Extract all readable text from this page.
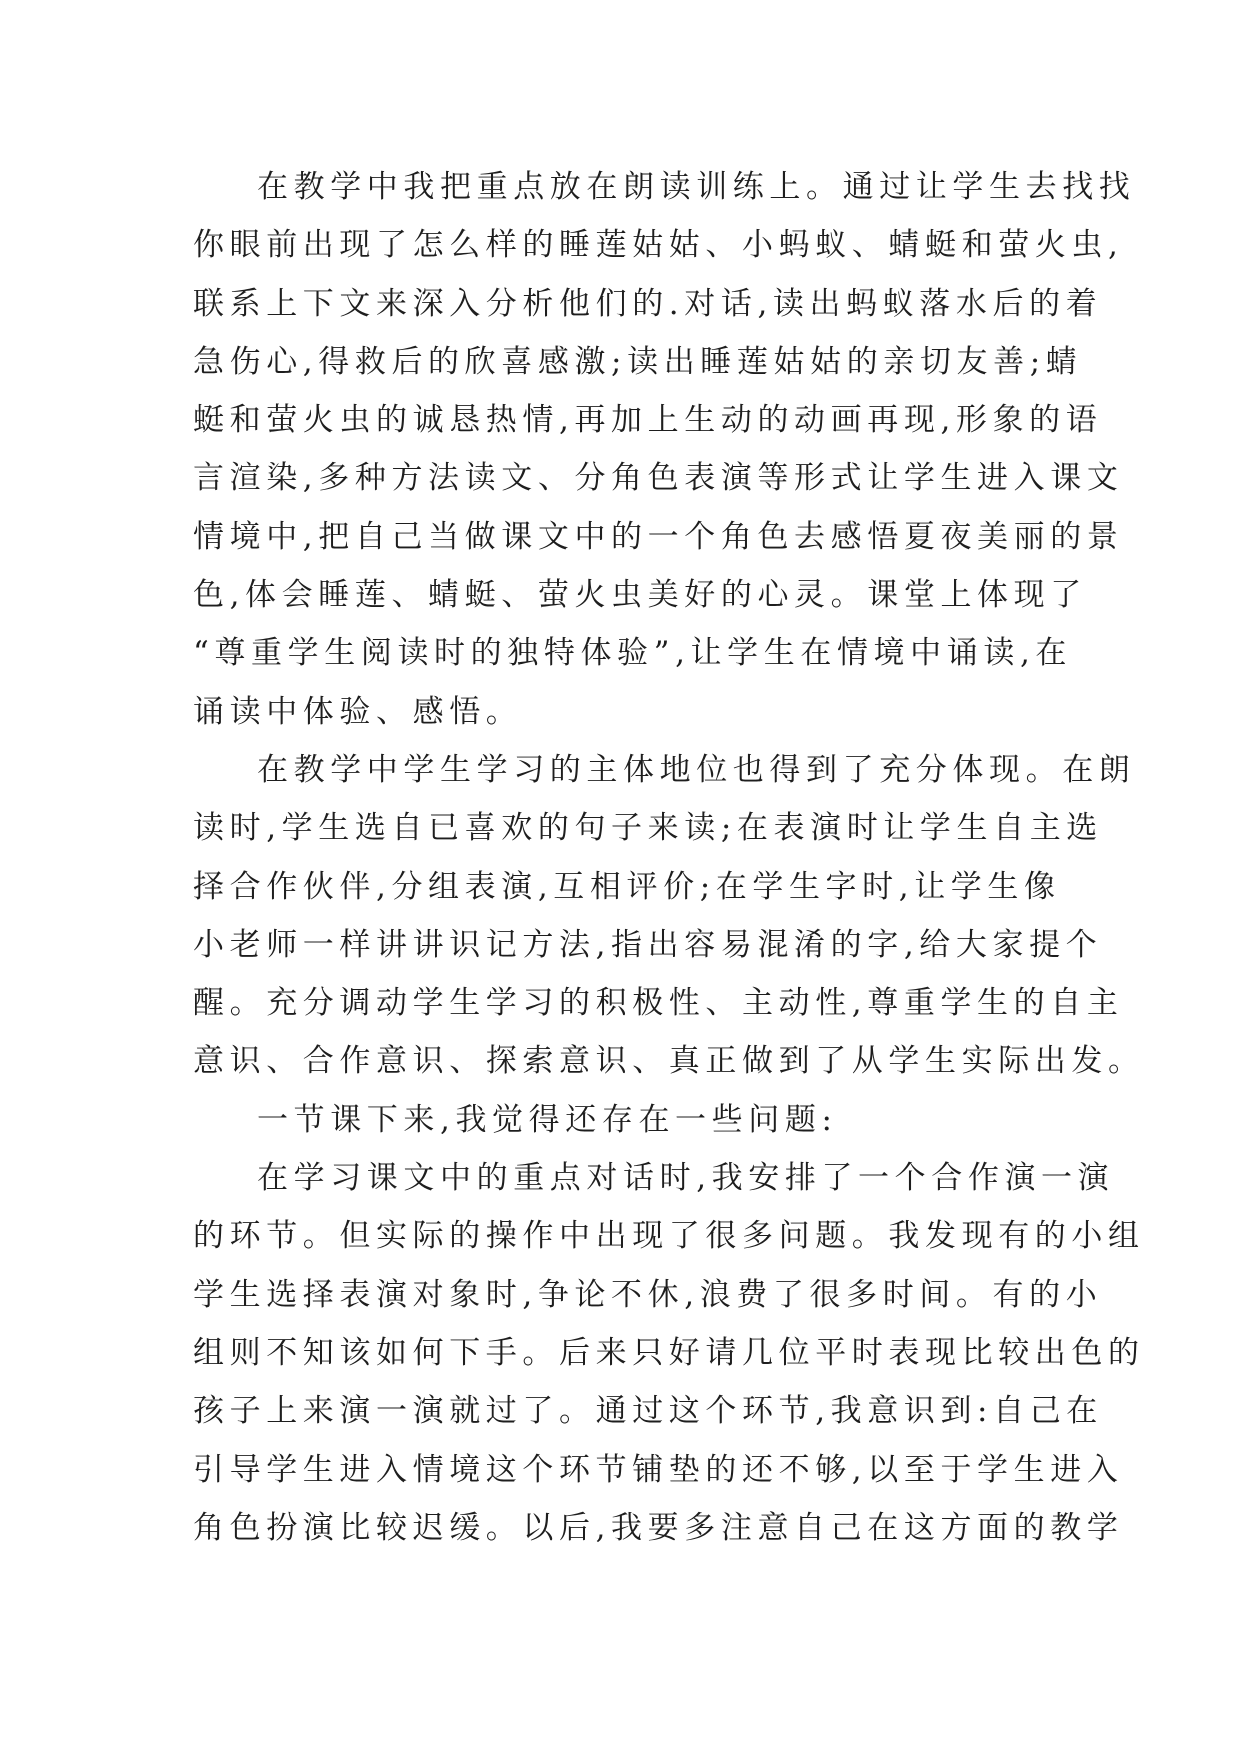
在教学中我把重点放在朗读训练上。通过让学生去找找
你眼前出现了怎么样的睡莲姑姑、小蚂蚁、蜻蜓和萤火虫,
联系上下文来深入分析他们的.对话,读出蚂蚁落水后的着
急伤心,得救后的欣喜感激;读出睡莲姑姑的亲切友善;蜻
蜓和萤火虫的诚恳热情,再加上生动的动画再现,形象的语
言渲染,多种方法读文、分角色表演等形式让学生进入课文
情境中,把自己当做课文中的一个角色去感悟夏夜美丽的景
色,体会睡莲、蜻蜓、萤火虫美好的心灵。课堂上体现了
“尊重学生阅读时的独特体验”,让学生在情境中诵读,在
诵读中体验、感悟。
在教学中学生学习的主体地位也得到了充分体现。在朗
读时,学生选自已喜欢的句子来读;在表演时让学生自主选
择合作伙伴,分组表演,互相评价;在学生字时,让学生像
小老师一样讲讲识记方法,指出容易混淆的字,给大家提个
醒。充分调动学生学习的积极性、主动性,尊重学生的自主
意识、合作意识、探索意识、真正做到了从学生实际出发。
一节课下来,我觉得还存在一些问题:
在学习课文中的重点对话时,我安排了一个合作演一演
的环节。但实际的操作中出现了很多问题。我发现有的小组
学生选择表演对象时,争论不休,浪费了很多时间。有的小
组则不知该如何下手。后来只好请几位平时表现比较出色的
孩子上来演一演就过了。通过这个环节,我意识到:自己在
引导学生进入情境这个环节铺垫的还不够,以至于学生进入
角色扮演比较迟缓。以后,我要多注意自己在这方面的教学
